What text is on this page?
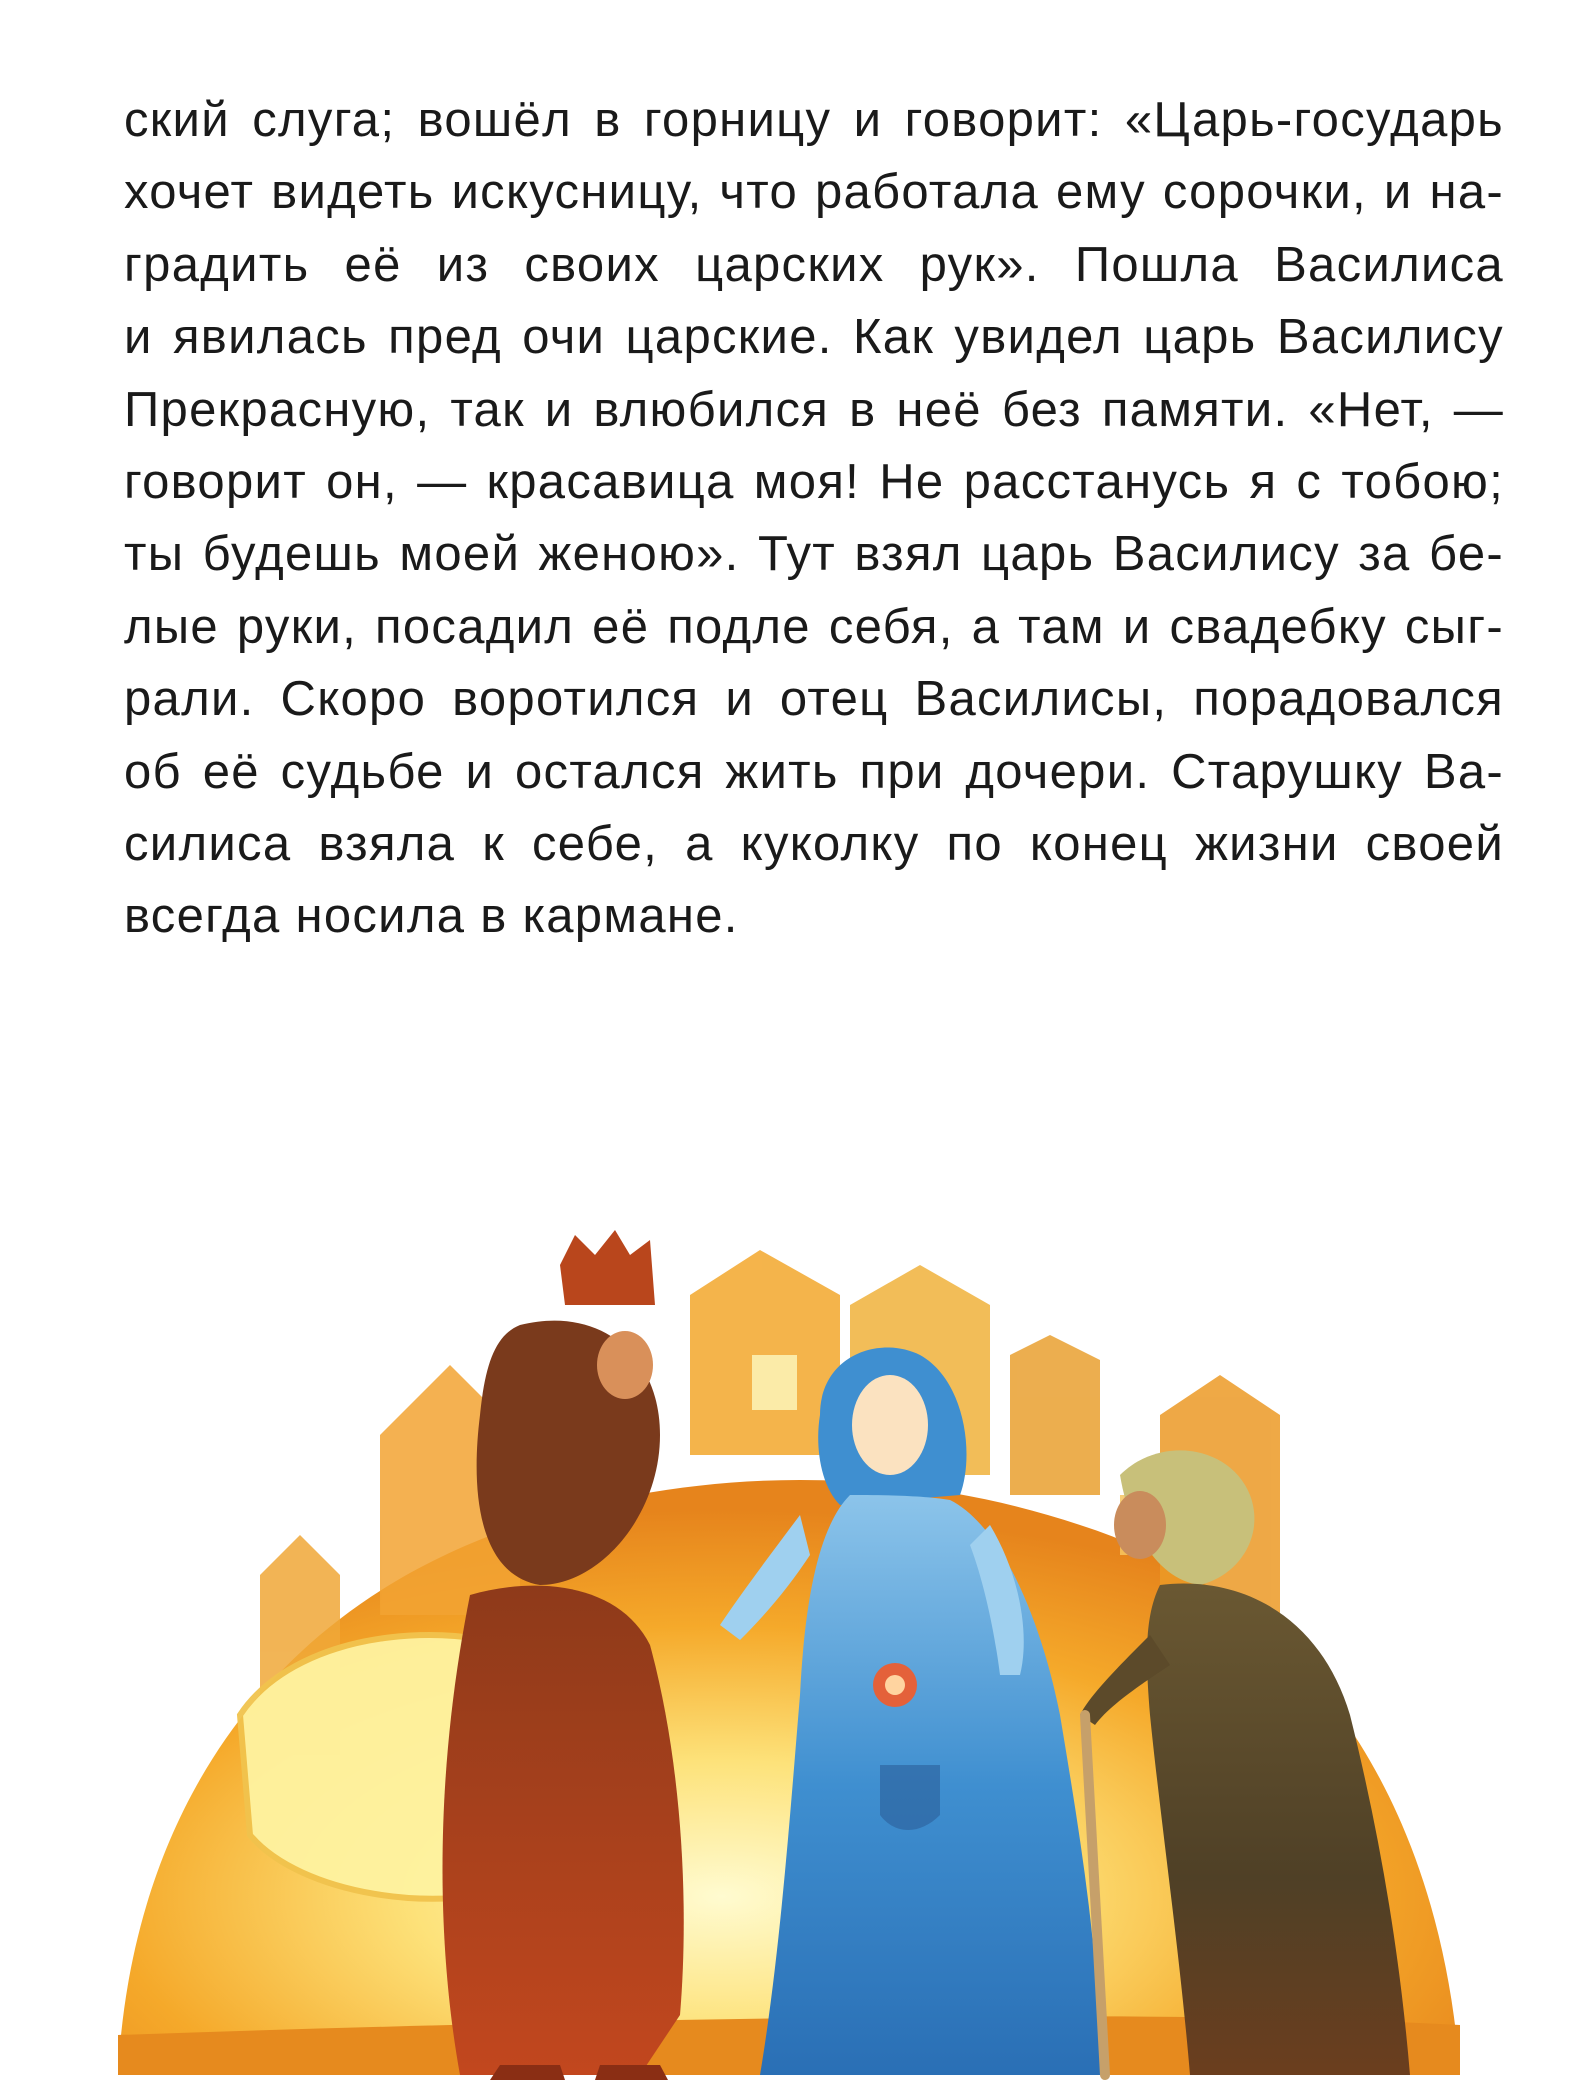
ский слуга; вошёл в горницу и говорит: «Царь-государь
хочет видеть искусницу, что работала ему сорочки, и на-
градить её из своих царских рук». Пошла Василиса
и явилась пред очи царские. Как увидел царь Василису
Прекрасную, так и влюбился в неё без памяти. «Нет, —
говорит он, — красавица моя! Не расстанусь я с тобою;
ты будешь моей женою». Тут взял царь Василису за бе-
лые руки, посадил её подле себя, а там и свадебку сыг-
рали. Скоро воротился и отец Василисы, порадовался
об её судьбе и остался жить при дочери. Старушку Ва-
силиса взяла к себе, а куколку по конец жизни своей
всегда носила в кармане.
